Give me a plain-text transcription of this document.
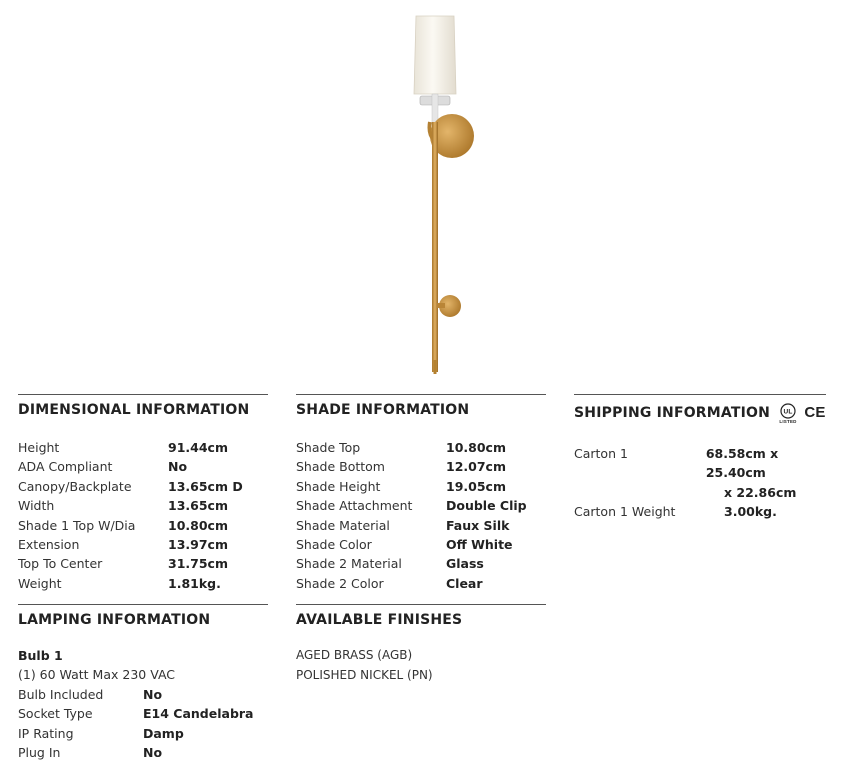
DIMENSIONAL INFORMATION
Height	91.44cm
ADA Compliant	No
Canopy/Backplate	13.65cm D
Width	13.65cm
Shade 1 Top W/Dia	10.80cm
Extension	13.97cm
Top To Center	31.75cm
Weight	1.81kg.
SHADE INFORMATION
Shade Top	10.80cm
Shade Bottom	12.07cm
Shade Height	19.05cm
Shade Attachment	Double Clip
Shade Material	Faux Silk
Shade Color	Off White
Shade 2 Material	Glass
Shade 2 Color	Clear
SHIPPING INFORMATION UL
LISTED
CE
Carton 1	68.58cm x 25.40cm
x 22.86cm
Carton 1 Weight	3.00kg.
LAMPING INFORMATION
Bulb 1
(1) 60 Watt Max 230 VAC
Bulb Included	No
Socket Type	E14 Candelabra
IP Rating	Damp
Plug In	No
AVAILABLE FINISHES
AGED BRASS (AGB)
POLISHED NICKEL (PN)
